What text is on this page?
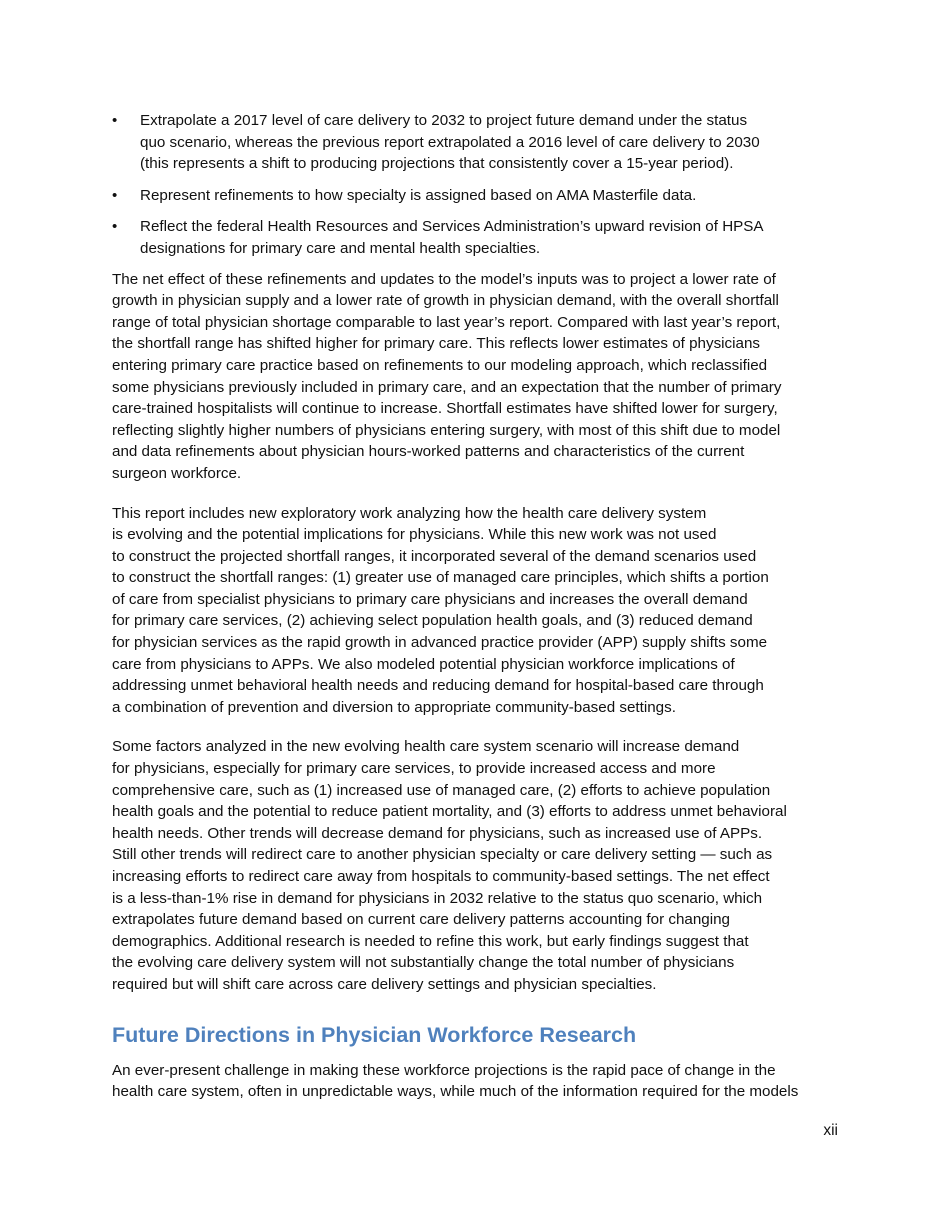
• Extrapolate a 2017 level of care delivery to 2032 to project future demand under the status
quo scenario, whereas the previous report extrapolated a 2016 level of care delivery to 2030
(this represents a shift to producing projections that consistently cover a 15-year period).
• Represent refinements to how specialty is assigned based on AMA Masterfile data.
• Reflect the federal Health Resources and Services Administration’s upward revision of HPSA
designations for primary care and mental health specialties.

The net effect of these refinements and updates to the model’s inputs was to project a lower rate of
growth in physician supply and a lower rate of growth in physician demand, with the overall shortfall
range of total physician shortage comparable to last year’s report. Compared with last year’s report,
the shortfall range has shifted higher for primary care. This reflects lower estimates of physicians
entering primary care practice based on refinements to our modeling approach, which reclassified
some physicians previously included in primary care, and an expectation that the number of primary
care-trained hospitalists will continue to increase. Shortfall estimates have shifted lower for surgery,
reflecting slightly higher numbers of physicians entering surgery, with most of this shift due to model
and data refinements about physician hours-worked patterns and characteristics of the current
surgeon workforce.

This report includes new exploratory work analyzing how the health care delivery system
is evolving and the potential implications for physicians. While this new work was not used
to construct the projected shortfall ranges, it incorporated several of the demand scenarios used
to construct the shortfall ranges: (1) greater use of managed care principles, which shifts a portion
of care from specialist physicians to primary care physicians and increases the overall demand
for primary care services, (2) achieving select population health goals, and (3) reduced demand
for physician services as the rapid growth in advanced practice provider (APP) supply shifts some
care from physicians to APPs. We also modeled potential physician workforce implications of
addressing unmet behavioral health needs and reducing demand for hospital-based care through
a combination of prevention and diversion to appropriate community-based settings.

Some factors analyzed in the new evolving health care system scenario will increase demand
for physicians, especially for primary care services, to provide increased access and more
comprehensive care, such as (1) increased use of managed care, (2) efforts to achieve population
health goals and the potential to reduce patient mortality, and (3) efforts to address unmet behavioral
health needs. Other trends will decrease demand for physicians, such as increased use of APPs.
Still other trends will redirect care to another physician specialty or care delivery setting — such as
increasing efforts to redirect care away from hospitals to community-based settings. The net effect
is a less-than-1% rise in demand for physicians in 2032 relative to the status quo scenario, which
extrapolates future demand based on current care delivery patterns accounting for changing
demographics. Additional research is needed to refine this work, but early findings suggest that
the evolving care delivery system will not substantially change the total number of physicians
required but will shift care across care delivery settings and physician specialties.

Future Directions in Physician Workforce Research

An ever-present challenge in making these workforce projections is the rapid pace of change in the
health care system, often in unpredictable ways, while much of the information required for the models

xii
